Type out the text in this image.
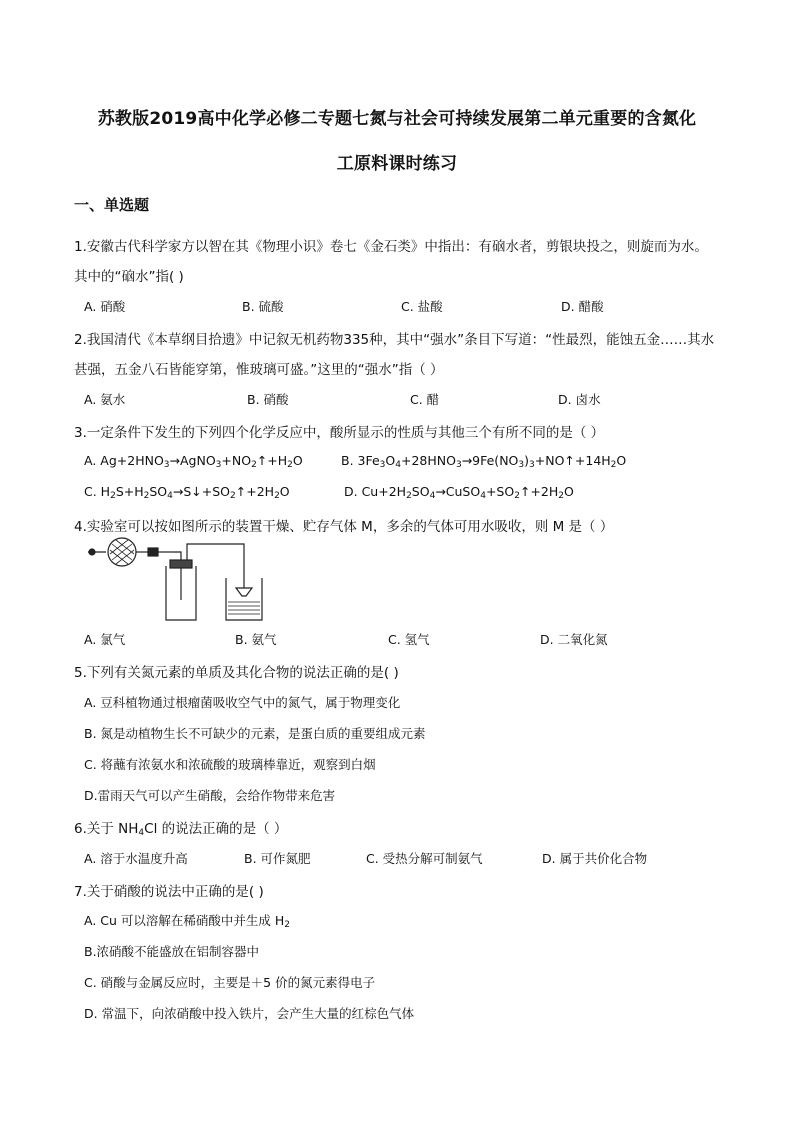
苏教版2019高中化学必修二专题七氮与社会可持续发展第二单元重要的含氮化
工原料课时练习
一、单选题
1.安徽古代科学家方以智在其《物理小识》卷七《金石类》中指出：有硇水者，剪银块投之，则旋而为水。
其中的“硇水”指( )
A. 硝酸	B. 硫酸	C. 盐酸	D. 醋酸
2.我国清代《本草纲目拾遗》中记叙无机药物335种，其中“强水”条目下写道：“性最烈，能蚀五金……其水
甚强，五金八石皆能穿第，惟玻璃可盛。”这里的“强水”指（ ）
A. 氨水	B. 硝酸	C. 醋	D. 卤水
3.一定条件下发生的下列四个化学反应中，酸所显示的性质与其他三个有所不同的是（ ）
A. $Ag+2HNO_3\to AgNO_3+NO_2↑+H_2O$	B. $3Fe_3O_4+28HNO_3\to 9Fe(NO_3)_3+NO↑+14H_2O$
C. $H_2S+H_2SO_4\to S↓+SO_2↑+2H_2O$	D. $Cu+2H_2SO_4\to CuSO_4+SO_2↑+2H_2O$
4.实验室可以按如图所示的装置干燥、贮存气体 M，多余的气体可用水吸收，则 M 是（ ）
A. 氯气	B. 氨气	C. 氢气	D. 二氧化氮
5.下列有关氮元素的单质及其化合物的说法正确的是( )
A. 豆科植物通过根瘤菌吸收空气中的氮气，属于物理变化
B. 氮是动植物生长不可缺少的元素，是蛋白质的重要组成元素
C. 将蘸有浓氨水和浓硫酸的玻璃棒靠近，观察到白烟
D.雷雨天气可以产生硝酸，会给作物带来危害
6.关于 $NH_4Cl$ 的说法正确的是（ ）
A. 溶于水温度升高	B. 可作氮肥	C. 受热分解可制氨气	D. 属于共价化合物
7.关于硝酸的说法中正确的是( )
A. Cu 可以溶解在稀硝酸中并生成 $H_2$
B.浓硝酸不能盛放在铝制容器中
C. 硝酸与金属反应时，主要是＋5 价的氮元素得电子
D. 常温下，向浓硝酸中投入铁片，会产生大量的红棕色气体
